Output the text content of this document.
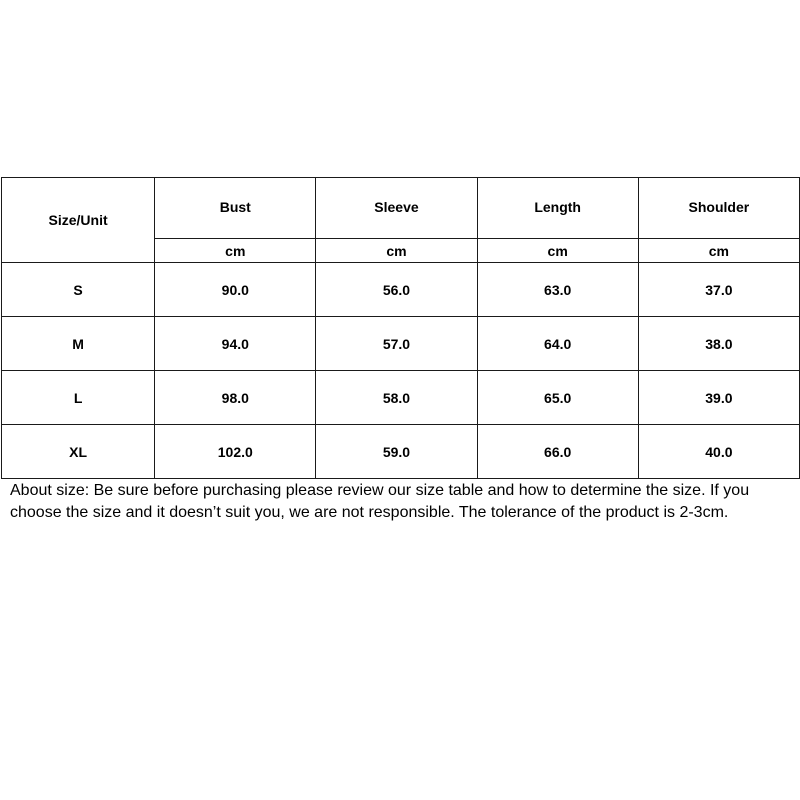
Size/Unit	Bust	Sleeve	Length	Shoulder
	cm	cm	cm	cm
S	90.0	56.0	63.0	37.0
M	94.0	57.0	64.0	38.0
L	98.0	58.0	65.0	39.0
XL	102.0	59.0	66.0	40.0

About size: Be sure before purchasing please review our size table and how to determine the size. If you choose the size and it doesn’t suit you, we are not responsible. The tolerance of the product is 2-3cm.
